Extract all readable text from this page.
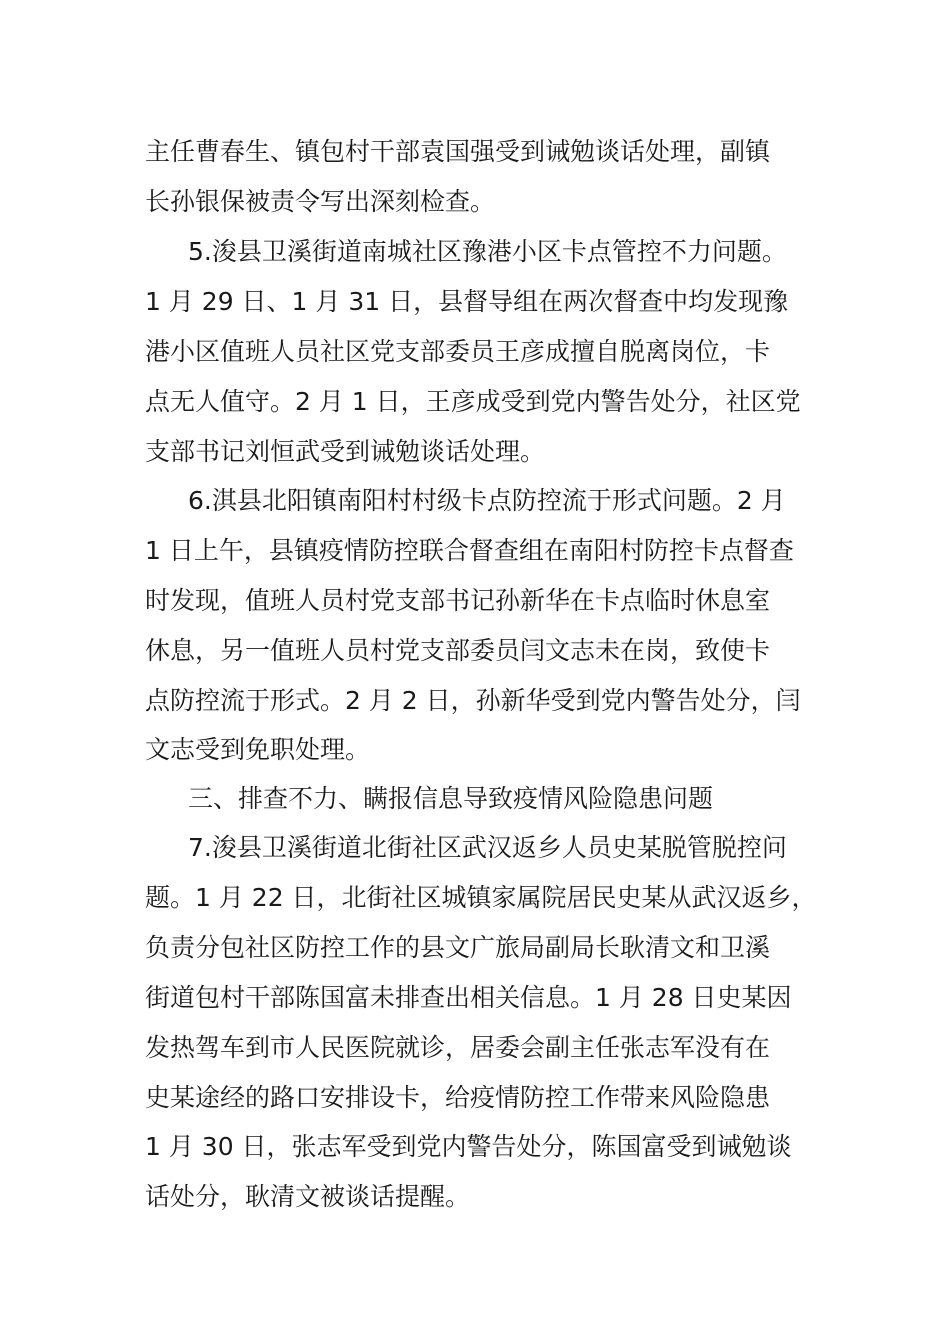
主任曹春生、镇包村干部袁国强受到诫勉谈话处理，副镇
长孙银保被责令写出深刻检查。
5.浚县卫溪街道南城社区豫港小区卡点管控不力问题。
1 月 29 日、1 月 31 日，县督导组在两次督查中均发现豫
港小区值班人员社区党支部委员王彦成擅自脱离岗位，卡
点无人值守。2 月 1 日，王彦成受到党内警告处分，社区党
支部书记刘恒武受到诫勉谈话处理。
6.淇县北阳镇南阳村村级卡点防控流于形式问题。2 月
1 日上午，县镇疫情防控联合督查组在南阳村防控卡点督查
时发现，值班人员村党支部书记孙新华在卡点临时休息室
休息，另一值班人员村党支部委员闫文志未在岗，致使卡
点防控流于形式。2 月 2 日，孙新华受到党内警告处分，闫
文志受到免职处理。
三、排查不力、瞒报信息导致疫情风险隐患问题
7.浚县卫溪街道北街社区武汉返乡人员史某脱管脱控问
题。1 月 22 日，北街社区城镇家属院居民史某从武汉返乡，
负责分包社区防控工作的县文广旅局副局长耿清文和卫溪
街道包村干部陈国富未排查出相关信息。1 月 28 日史某因
发热驾车到市人民医院就诊，居委会副主任张志军没有在
史某途经的路口安排设卡，给疫情防控工作带来风险隐患
1 月 30 日，张志军受到党内警告处分，陈国富受到诫勉谈
话处分，耿清文被谈话提醒。
